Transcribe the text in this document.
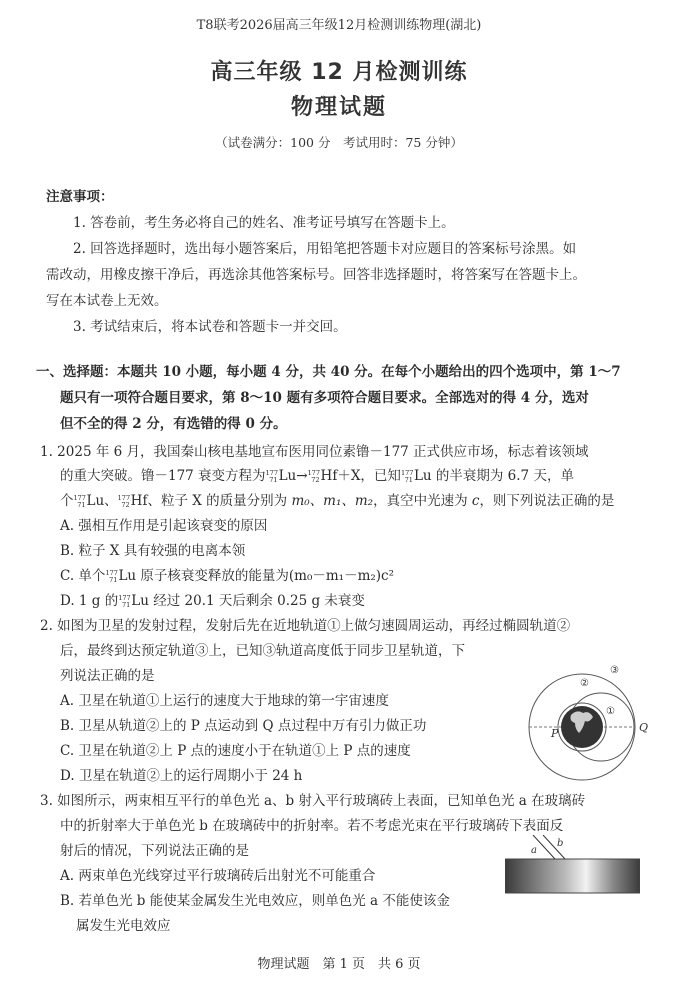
T8联考2026届高三年级12月检测训练物理(湖北)
高三年级 12 月检测训练
物理试题
（试卷满分：100 分　考试用时：75 分钟）
注意事项：
1. 答卷前，考生务必将自己的姓名、准考证号填写在答题卡上。
2. 回答选择题时，选出每小题答案后，用铅笔把答题卡对应题目的答案标号涂黑。如
需改动，用橡皮擦干净后，再选涂其他答案标号。回答非选择题时，将答案写在答题卡上。
写在本试卷上无效。
3. 考试结束后，将本试卷和答题卡一并交回。
一、选择题：本题共 10 小题，每小题 4 分，共 40 分。在每个小题给出的四个选项中，第 1～7
题只有一项符合题目要求，第 8～10 题有多项符合题目要求。全部选对的得 4 分，选对
但不全的得 2 分，有选错的得 0 分。
1. 2025 年 6 月，我国秦山核电基地宣布医用同位素镥－177 正式供应市场，标志着该领域
的重大突破。镥－177 衰变方程为 177
71 Lu→ 177
72 Hf＋X，已知 177
71 Lu 的半衰期为 6.7 天，单
个 177
71 Lu、 177
72 Hf、粒子 X 的质量分别为 m₀、m₁、m₂，真空中光速为 c，则下列说法正确的是
A. 强相互作用是引起该衰变的原因
B. 粒子 X 具有较强的电离本领
C. 单个 177
71 Lu 原子核衰变释放的能量为(m₀－m₁－m₂)c²
D. 1 g 的 177
71 Lu 经过 20.1 天后剩余 0.25 g 未衰变
2. 如图为卫星的发射过程，发射后先在近地轨道①上做匀速圆周运动，再经过椭圆轨道②
后，最终到达预定轨道③上，已知③轨道高度低于同步卫星轨道，下
列说法正确的是
A. 卫星在轨道①上运行的速度大于地球的第一宇宙速度
B. 卫星从轨道②上的 P 点运动到 Q 点过程中万有引力做正功
C. 卫星在轨道②上 P 点的速度小于在轨道①上 P 点的速度
D. 卫星在轨道②上的运行周期小于 24 h
①
②
③
P	Q
3. 如图所示，两束相互平行的单色光 a、b 射入平行玻璃砖上表面，已知单色光 a 在玻璃砖
中的折射率大于单色光 b 在玻璃砖中的折射率。若不考虑光束在平行玻璃砖下表面反
射后的情况，下列说法正确的是
A. 两束单色光线穿过平行玻璃砖后出射光不可能重合
B. 若单色光 b 能使某金属发生光电效应，则单色光 a 不能使该金
属发生光电效应
a
b
物理试题　第 1 页　共 6 页
